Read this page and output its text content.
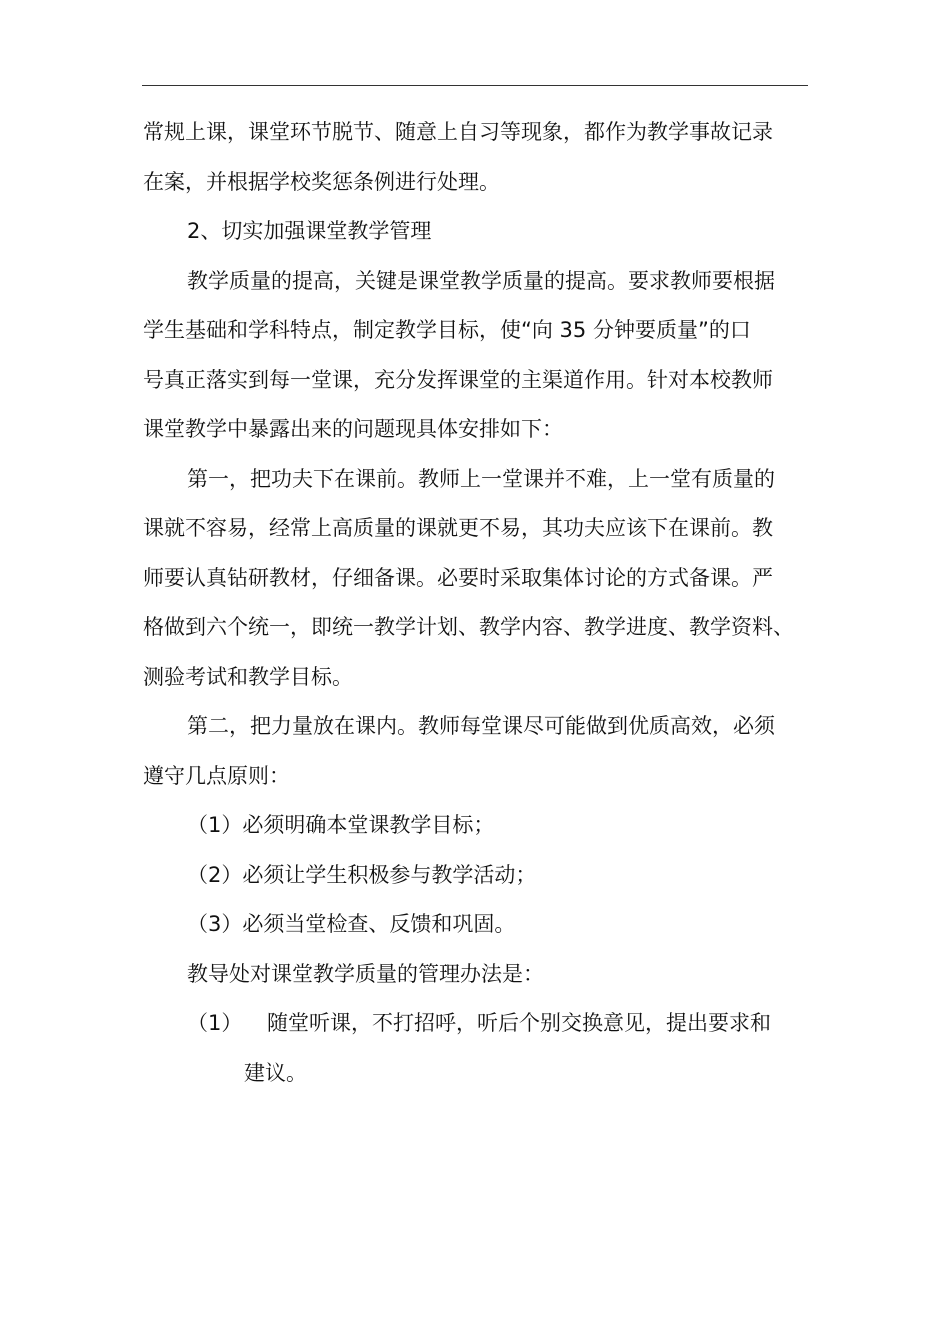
常规上课，课堂环节脱节、随意上自习等现象，都作为教学事故记录
在案，并根据学校奖惩条例进行处理。
2、切实加强课堂教学管理
教学质量的提高，关键是课堂教学质量的提高。要求教师要根据
学生基础和学科特点，制定教学目标，使“向 35 分钟要质量”的口
号真正落实到每一堂课，充分发挥课堂的主渠道作用。针对本校教师
课堂教学中暴露出来的问题现具体安排如下：
第一，把功夫下在课前。教师上一堂课并不难，上一堂有质量的
课就不容易，经常上高质量的课就更不易，其功夫应该下在课前。教
师要认真钻研教材，仔细备课。必要时采取集体讨论的方式备课。严
格做到六个统一，即统一教学计划、教学内容、教学进度、教学资料、
测验考试和教学目标。
第二，把力量放在课内。教师每堂课尽可能做到优质高效，必须
遵守几点原则：
（1）必须明确本堂课教学目标；
（2）必须让学生积极参与教学活动；
（3）必须当堂检查、反馈和巩固。
教导处对课堂教学质量的管理办法是：
（1）	随堂听课，不打招呼，听后个别交换意见，提出要求和
建议。
